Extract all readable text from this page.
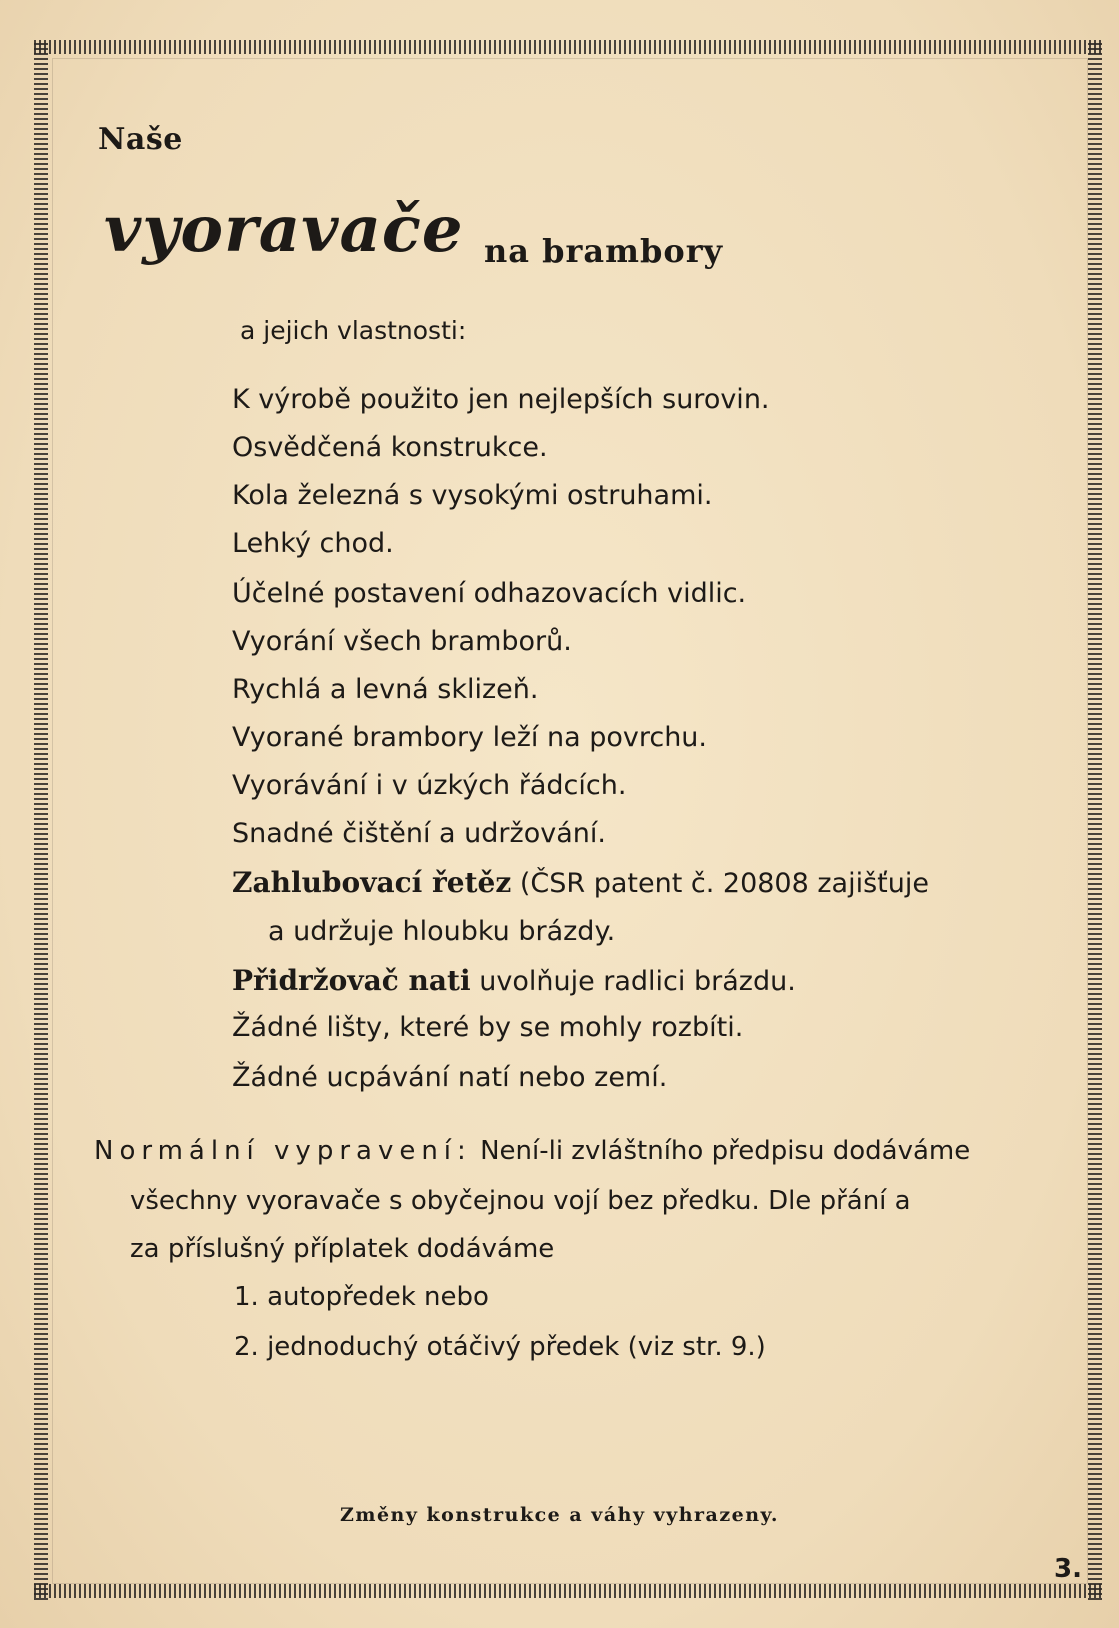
Naše
vyoravače na brambory
a jejich vlastnosti:
K výrobě použito jen nejlepších surovin.
Osvědčená konstrukce.
Kola železná s vysokými ostruhami.
Lehký chod.
Účelné postavení odhazovacích vidlic.
Vyorání všech bramborů.
Rychlá a levná sklizeň.
Vyorané brambory leží na povrchu.
Vyorávání i v úzkých řádcích.
Snadné čištění a udržování.
Zahlubovací řetěz (ČSR patent č. 20808 zajišťuje
a udržuje hloubku brázdy.
Přidržovač nati uvolňuje radlici brázdu.
Žádné lišty, které by se mohly rozbíti.
Žádné ucpávání natí nebo zemí.
Normální vypravení: Není-li zvláštního předpisu dodáváme
všechny vyoravače s obyčejnou vojí bez předku. Dle přání a
za příslušný příplatek dodáváme
1. autopředek nebo
2. jednoduchý otáčivý předek (viz str. 9.)
Změny konstrukce a váhy vyhrazeny.
3.
